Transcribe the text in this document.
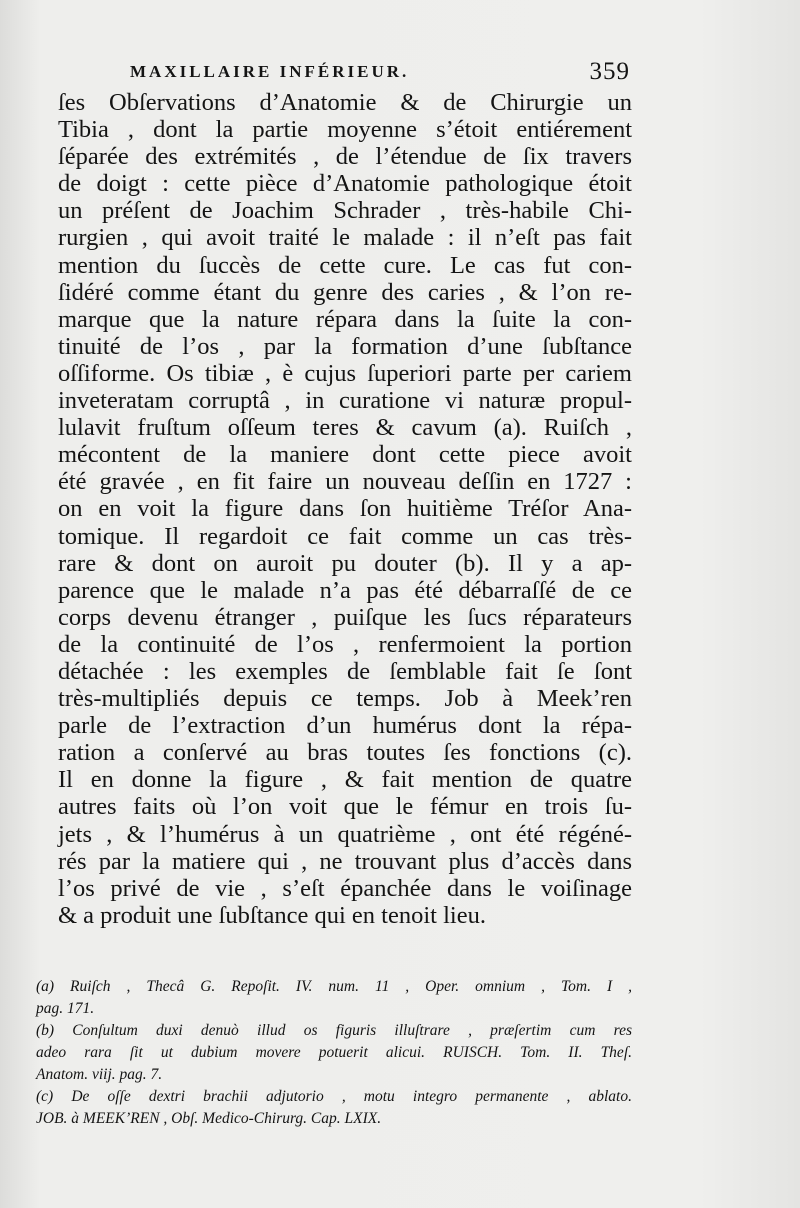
MAXILLAIRE INFÉRIEUR.	359
ſes Obſervations d’Anatomie & de Chirurgie un
Tibia , dont la partie moyenne s’étoit entiérement
ſéparée des extrémités , de l’étendue de ſix travers
de doigt : cette pièce d’Anatomie pathologique étoit
un préſent de Joachim Schrader , très-habile Chi-
rurgien , qui avoit traité le malade : il n’eſt pas fait
mention du ſuccès de cette cure. Le cas fut con-
ſidéré comme étant du genre des caries , & l’on re-
marque que la nature répara dans la ſuite la con-
tinuité de l’os , par la formation d’une ſubſtance
oſſiforme. Os tibiæ , è cujus ſuperiori parte per cariem
inveteratam corruptâ , in curatione vi naturæ propul-
lulavit fruſtum oſſeum teres & cavum (a). Ruiſch ,
mécontent de la maniere dont cette piece avoit
été gravée , en fit faire un nouveau deſſin en 1727 :
on en voit la figure dans ſon huitième Tréſor Ana-
tomique. Il regardoit ce fait comme un cas très-
rare & dont on auroit pu douter (b). Il y a ap-
parence que le malade n’a pas été débarraſſé de ce
corps devenu étranger , puiſque les ſucs réparateurs
de la continuité de l’os , renfermoient la portion
détachée : les exemples de ſemblable fait ſe ſont
très-multipliés depuis ce temps. Job à Meek’ren
parle de l’extraction d’un humérus dont la répa-
ration a conſervé au bras toutes ſes fonctions (c).
Il en donne la figure , & fait mention de quatre
autres faits où l’on voit que le fémur en trois ſu-
jets , & l’humérus à un quatrième , ont été régéné-
rés par la matiere qui , ne trouvant plus d’accès dans
l’os privé de vie , s’eſt épanchée dans le voiſinage
& a produit une ſubſtance qui en tenoit lieu.
(a) Ruiſch , Thecâ G. Repoſit. IV. num. 11 , Oper. omnium , Tom. I ,
pag. 171.
(b) Conſultum duxi denuò illud os figuris illuſtrare , præſertim cum res
adeo rara ſit ut dubium movere potuerit alicui. RUISCH. Tom. II. Theſ.
Anatom. viij. pag. 7.
(c) De oſſe dextri brachii adjutorio , motu integro permanente , ablato.
JOB. à MEEK’REN , Obſ. Medico-Chirurg. Cap. LXIX.
